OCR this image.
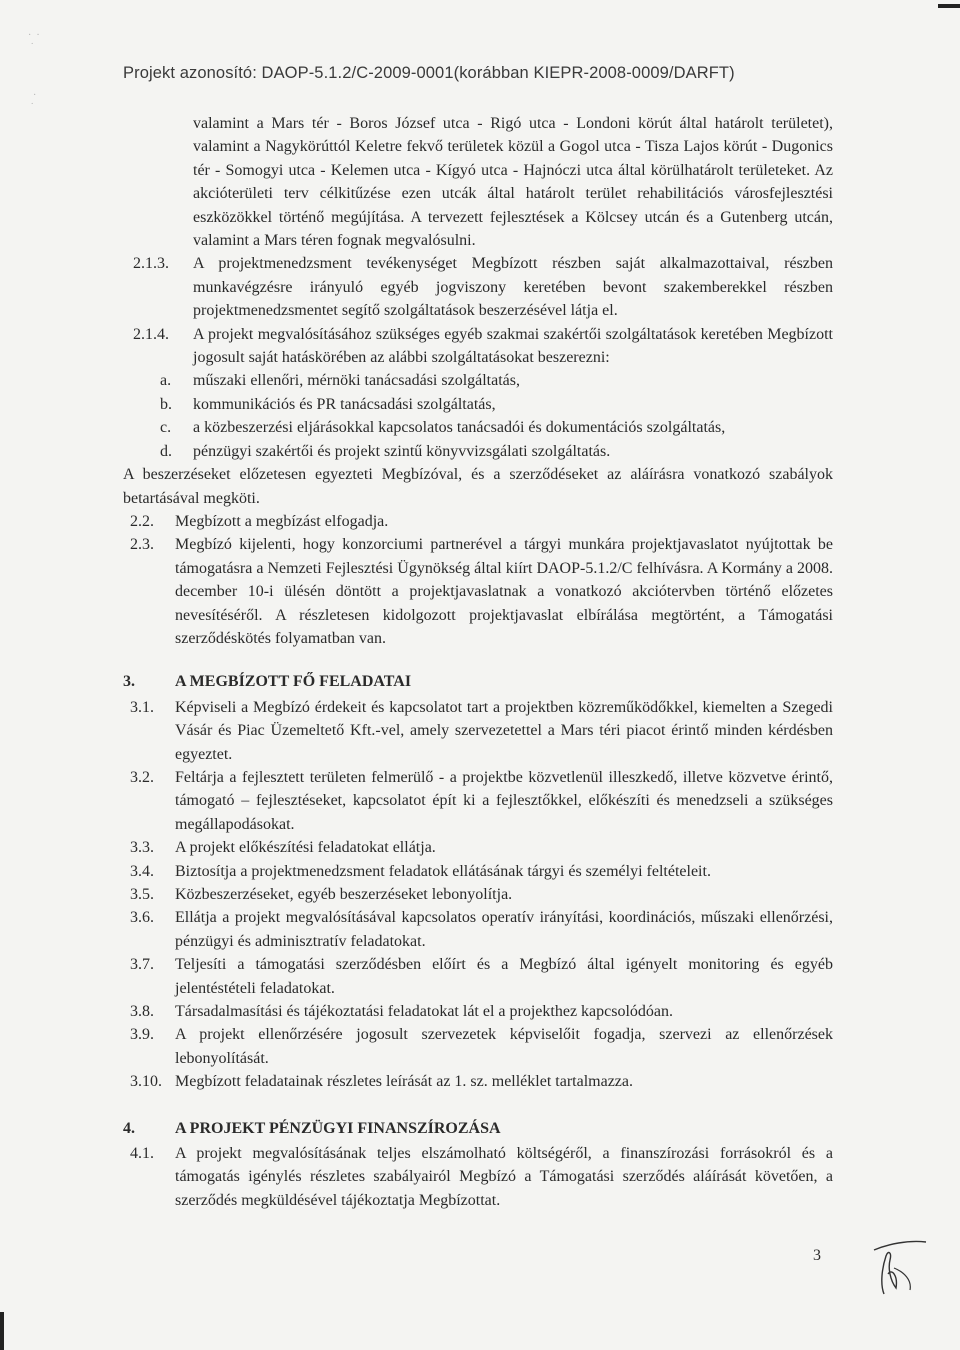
·  ·
˙

·
˙
Projekt azonosító: DAOP-5.1.2/C-2009-0001(korábban KIEPR-2008-0009/DARFT)

valamint a Mars tér - Boros József utca - Rigó utca - Londoni körút által határolt területet), valamint a Nagykörúttól Keletre fekvő területek közül a Gogol utca - Tisza Lajos körút - Dugonics tér - Somogyi utca - Kelemen utca - Kígyó utca - Hajnóczi utca által körülhatárolt területeket. Az akcióterületi terv célkitűzése ezen utcák által határolt terület rehabilitációs városfejlesztési eszközökkel történő megújítása. A tervezett fejlesztések a Kölcsey utcán és a Gutenberg utcán, valamint a Mars téren fognak megvalósulni.

2.1.3.	A projektmenedzsment tevékenységet Megbízott részben saját alkalmazottaival, részben munkavégzésre irányuló egyéb jogviszony keretében bevont szakemberekkel részben projektmenedzsmentet segítő szolgáltatások beszerzésével látja el.
2.1.4.	A projekt megvalósításához szükséges egyéb szakmai szakértői szolgáltatások keretében Megbízott jogosult saját hatáskörében az alábbi szolgáltatásokat beszerezni:
a.	műszaki ellenőri, mérnöki tanácsadási szolgáltatás,
b.	kommunikációs és PR tanácsadási szolgáltatás,
c.	a közbeszerzési eljárásokkal kapcsolatos tanácsadói és dokumentációs szolgáltatás,
d.	pénzügyi szakértői és projekt szintű könyvvizsgálati szolgáltatás.

A beszerzéseket előzetesen egyezteti Megbízóval, és a szerződéseket az aláírásra vonatkozó szabályok betartásával megköti.

2.2.	Megbízott a megbízást elfogadja.
2.3.	Megbízó kijelenti, hogy konzorciumi partnerével a tárgyi munkára projektjavaslatot nyújtottak be támogatásra a Nemzeti Fejlesztési Ügynökség által kiírt DAOP-5.1.2/C felhívásra. A Kormány a 2008. december 10-i ülésén döntött a projektjavaslatnak a vonatkozó akciótervben történő előzetes nevesítéséről. A részletesen kidolgozott projektjavaslat elbírálása megtörtént, a Támogatási szerződéskötés folyamatban van.
3.	A MEGBÍZOTT FŐ FELADATAI
3.1.	Képviseli a Megbízó érdekeit és kapcsolatot tart a projektben közreműködőkkel, kiemelten a Szegedi Vásár és Piac Üzemeltető Kft.-vel, amely szervezetettel a Mars téri piacot érintő minden kérdésben egyeztet.
3.2.	Feltárja a fejlesztett területen felmerülő - a projektbe közvetlenül illeszkedő, illetve közvetve érintő, támogató – fejlesztéseket, kapcsolatot épít ki a fejlesztőkkel, előkészíti és menedzseli a szükséges megállapodásokat.
3.3.	A projekt előkészítési feladatokat ellátja.
3.4.	Biztosítja a projektmenedzsment feladatok ellátásának tárgyi és személyi feltételeit.
3.5.	Közbeszerzéseket, egyéb beszerzéseket lebonyolítja.
3.6.	Ellátja a projekt megvalósításával kapcsolatos operatív irányítási, koordinációs, műszaki ellenőrzési, pénzügyi és adminisztratív feladatokat.
3.7.	Teljesíti a támogatási szerződésben előírt és a Megbízó által igényelt monitoring és egyéb jelentéstételi feladatokat.
3.8.	Társadalmasítási és tájékoztatási feladatokat lát el a projekthez kapcsolódóan.
3.9.	A projekt ellenőrzésére jogosult szervezetek képviselőit fogadja, szervezi az ellenőrzések lebonyolítását.
3.10. Megbízott feladatainak részletes leírását az 1. sz. melléklet tartalmazza.
4.	A PROJEKT PÉNZÜGYI FINANSZÍROZÁSA
4.1.	A projekt megvalósításának teljes elszámolható költségéről, a finanszírozási forrásokról és a támogatás igénylés részletes szabályairól Megbízó a Támogatási szerződés aláírását követően, a szerződés megküldésével tájékoztatja Megbízottat.
3
